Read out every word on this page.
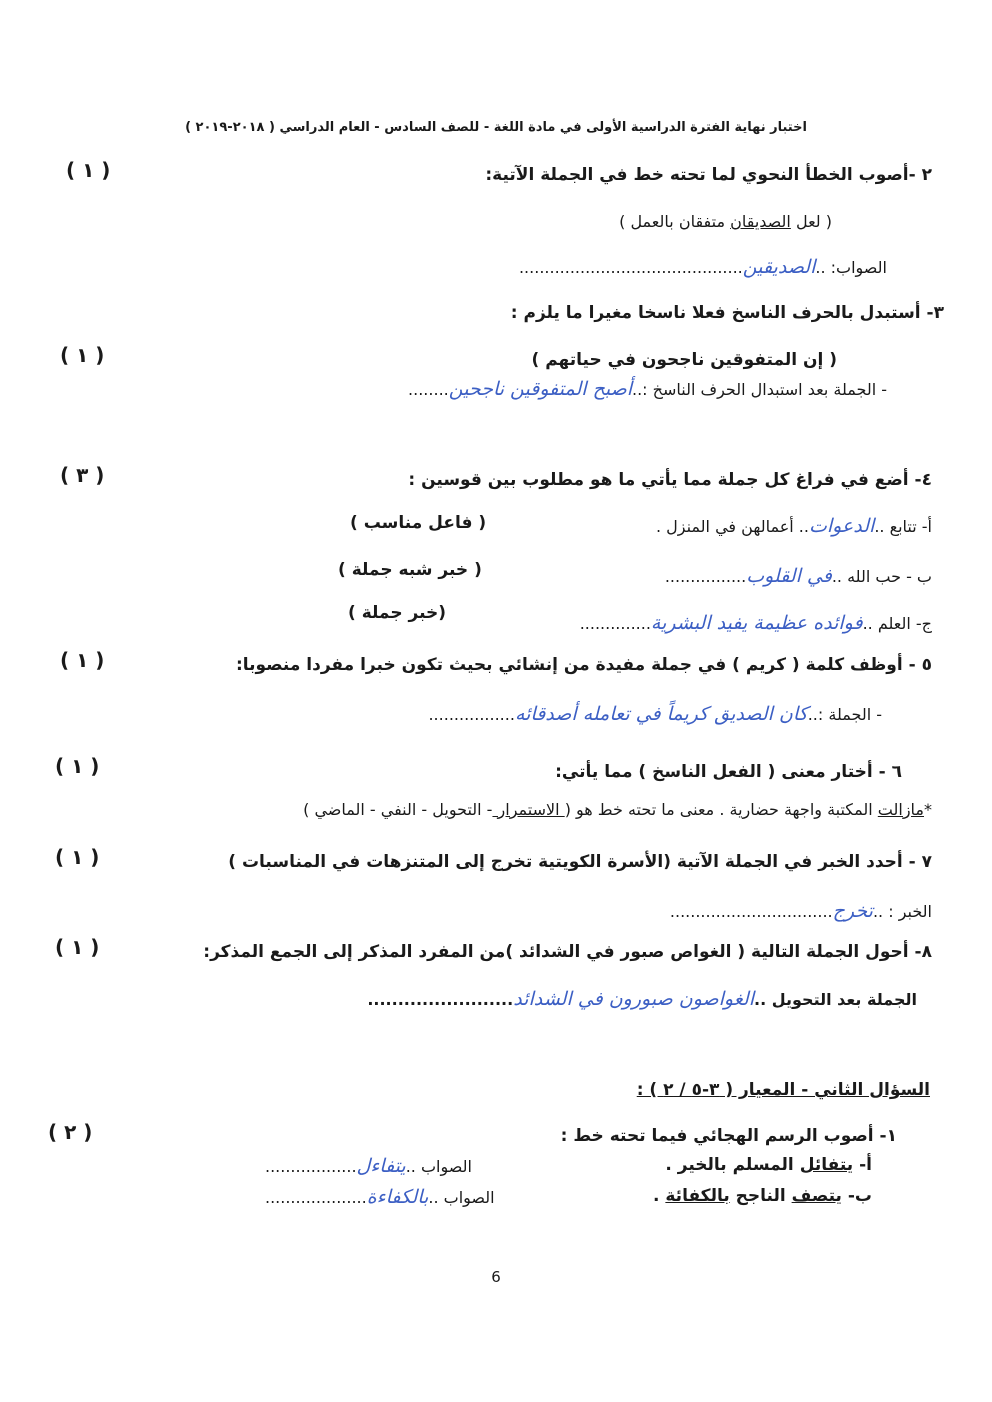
اختبار نهاية الفترة الدراسية الأولى في مادة اللغة - للصف السادس - العام الدراسي ( ٢٠١٨-٢٠١٩ )
( ١ )	٢ -أصوب الخطأ النحوي لما تحته خط في الجملة الآتية:
( لعل الصديقان متفقان بالعمل )
الصواب: ..الصديقين............................................
٣- أستبدل بالحرف الناسخ فعلا ناسخا مغيرا ما يلزم :
( ١ )	( إن المتفوقين ناجحون في حياتهم )
- الجملة بعد استبدال الحرف الناسخ :..أصبح المتفوقين ناجحين........
( ٣ )	٤- أضع في فراغ كل جملة مما يأتي ما هو مطلوب بين قوسين :
أ- تتابع ..الدعوات.. أعمالهن في المنزل .
( فاعل مناسب )
ب - حب الله ..في القلوب................
( خبر شبه جملة )
ج- العلم ..فوائده عظيمة يفيد البشرية..............
(خبر جملة )
( ١ )	٥ - أوظف كلمة ( كريم ) في جملة مفيدة من إنشائي بحيث تكون خبرا مفردا منصوبا:
- الجملة :..كان الصديق كريماً في تعامله أصدقائه.................
( ١ )	٦ - أختار معنى ( الفعل الناسخ ) مما يأتي:
*مازالت المكتبة واجهة حضارية . معنى ما تحته خط هو ( الاستمرار - التحويل - النفي - الماضي )
( ١ )	٧ - أحدد الخبر في الجملة الآتية (الأسرة الكويتية تخرج إلى المتنزهات في المناسبات )
الخبر : ..تخرج................................
( ١ )	٨- أحول الجملة التالية ( الغواص صبور في الشدائد )من المفرد المذكر إلى الجمع المذكر:
الجملة بعد التحويل ..الغواصون صبورون في الشدائد........................
السؤال الثاني - المعيار ( ٣-٥ / ٢ ) :
( ٢ )	١- أصوب الرسم الهجائي فيما تحته خط :
أ- يتفائل المسلم بالخير .
الصواب ..يتفاءل..................
ب- يتصف الناجح بالكفائة .
الصواب ..بالكفاءة....................
6
